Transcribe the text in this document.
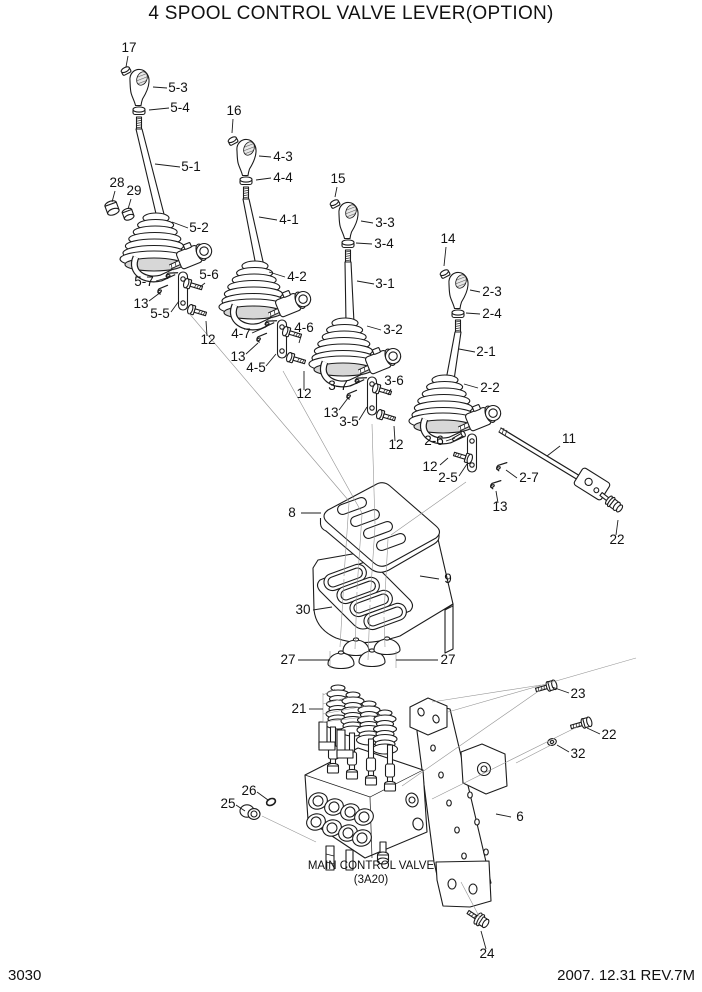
4 SPOOL CONTROL VALVE LEVER(OPTION)
MAIN CONTROL VALVE
(3A20)
17
5-3
5-4
5-1
28
29
5-2
5-7	5-6
13
5-5
12
16
4-3
4-4
4-1
4-2
15
3-3
3-4
3-1
3-2
4-7	4-6
13
4-5
12
14
2-3
2-4
2-1
2-2
3-7	3-6
13
3-5
12 2-6	11
12
2-5	2-7
13
22
8
9
30
27	27
21
23
22
32
26
25
6
24
3030	2007. 12.31 REV.7M
